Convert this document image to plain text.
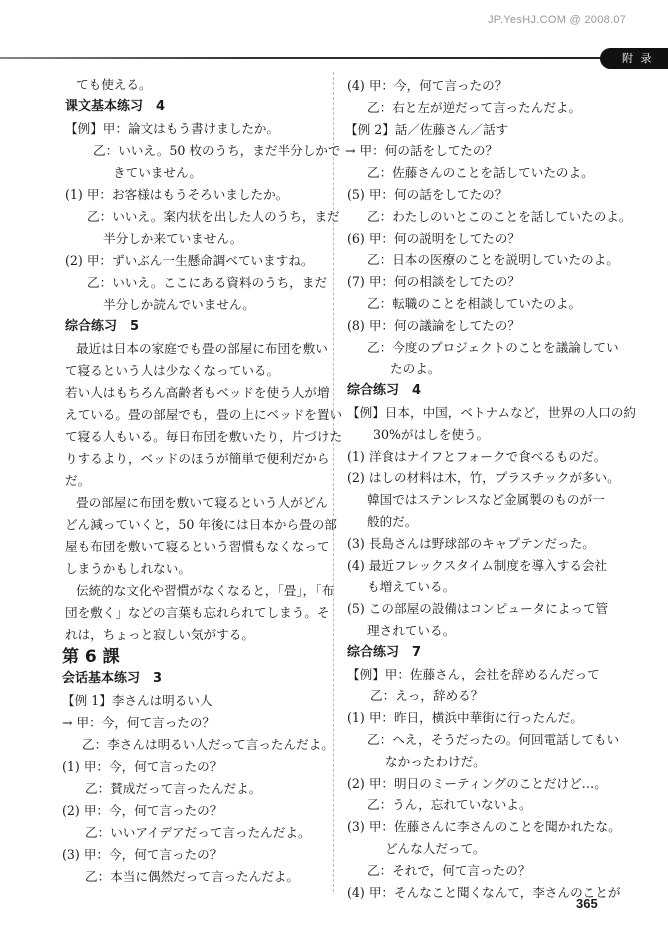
JP.YesHJ.COM @ 2008.07
附 录
ても使える。
课文基本练习　4
【例】甲：論文はもう書けましたか。
乙：いいえ。50 枚のうち，まだ半分しかで
きていません。
(1) 甲：お客様はもうそろいましたか。
乙：いいえ。案内状を出した人のうち，まだ
半分しか来ていません。
(2) 甲：ずいぶん一生懸命調べていますね。
乙：いいえ。ここにある資料のうち，まだ
半分しか読んでいません。
综合练习　5
最近は日本の家庭でも畳の部屋に布団を敷い
て寝るという人は少なくなっている。
若い人はもちろん高齢者もベッドを使う人が増
えている。畳の部屋でも，畳の上にベッドを置い
て寝る人もいる。毎日布団を敷いたり，片づけた
りするより，ベッドのほうが簡単で便利だから
だ。
畳の部屋に布団を敷いて寝るという人がどん
どん減っていくと，50 年後には日本から畳の部
屋も布団を敷いて寝るという習慣もなくなって
しまうかもしれない。
伝統的な文化や習慣がなくなると，「畳」，「布
団を敷く」などの言葉も忘れられてしまう。そ
れは，ちょっと寂しい気がする。
第 6 課
会话基本练习　3
【例 1】李さんは明るい人
→ 甲：今，何て言ったの？
乙：李さんは明るい人だって言ったんだよ。
(1) 甲：今，何て言ったの？
乙：賛成だって言ったんだよ。
(2) 甲：今，何て言ったの？
乙：いいアイデアだって言ったんだよ。
(3) 甲：今，何て言ったの？
乙：本当に偶然だって言ったんだよ。
(4) 甲：今，何て言ったの？
乙：右と左が逆だって言ったんだよ。
【例 2】話／佐藤さん／話す
→ 甲：何の話をしてたの？
乙：佐藤さんのことを話していたのよ。
(5) 甲：何の話をしてたの？
乙：わたしのいとこのことを話していたのよ。
(6) 甲：何の説明をしてたの？
乙：日本の医療のことを説明していたのよ。
(7) 甲：何の相談をしてたの？
乙：転職のことを相談していたのよ。
(8) 甲：何の議論をしてたの？
乙：今度のプロジェクトのことを議論してい
たのよ。
综合练习　4
【例】日本，中国，ベトナムなど，世界の人口の約
30%がはしを使う。
(1) 洋食はナイフとフォークで食べるものだ。
(2) はしの材料は木，竹，プラスチックが多い。
韓国ではステンレスなど金属製のものが一
般的だ。
(3) 長島さんは野球部のキャプテンだった。
(4) 最近フレックスタイム制度を導入する会社
も増えている。
(5) この部屋の設備はコンピュータによって管
理されている。
综合练习　7
【例】甲：佐藤さん，会社を辞めるんだって
乙：えっ，辞める？
(1) 甲：昨日，横浜中華街に行ったんだ。
乙：へえ，そうだったの。何回電話してもい
なかったわけだ。
(2) 甲：明日のミーティングのことだけど…。
乙：うん，忘れていないよ。
(3) 甲：佐藤さんに李さんのことを聞かれたな。
どんな人だって。
乙：それで，何て言ったの？
(4) 甲：そんなこと聞くなんて，李さんのことが
365
